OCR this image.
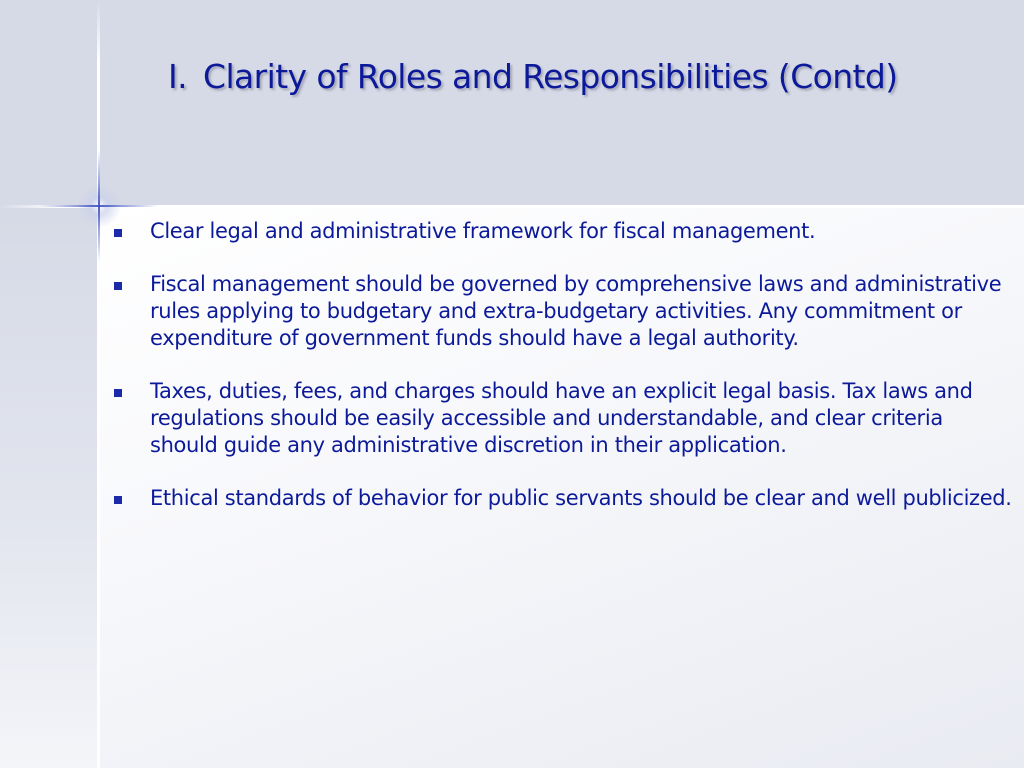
I. Clarity of Roles and Responsibilities (Contd)
Clear legal and administrative framework for fiscal management.
Fiscal management should be governed by comprehensive laws and administrative rules applying to budgetary and extra-budgetary activities. Any commitment or expenditure of government funds should have a legal authority.
Taxes, duties, fees, and charges should have an explicit legal basis. Tax laws and regulations should be easily accessible and understandable, and clear criteria should guide any administrative discretion in their application.
Ethical standards of behavior for public servants should be clear and well publicized.
